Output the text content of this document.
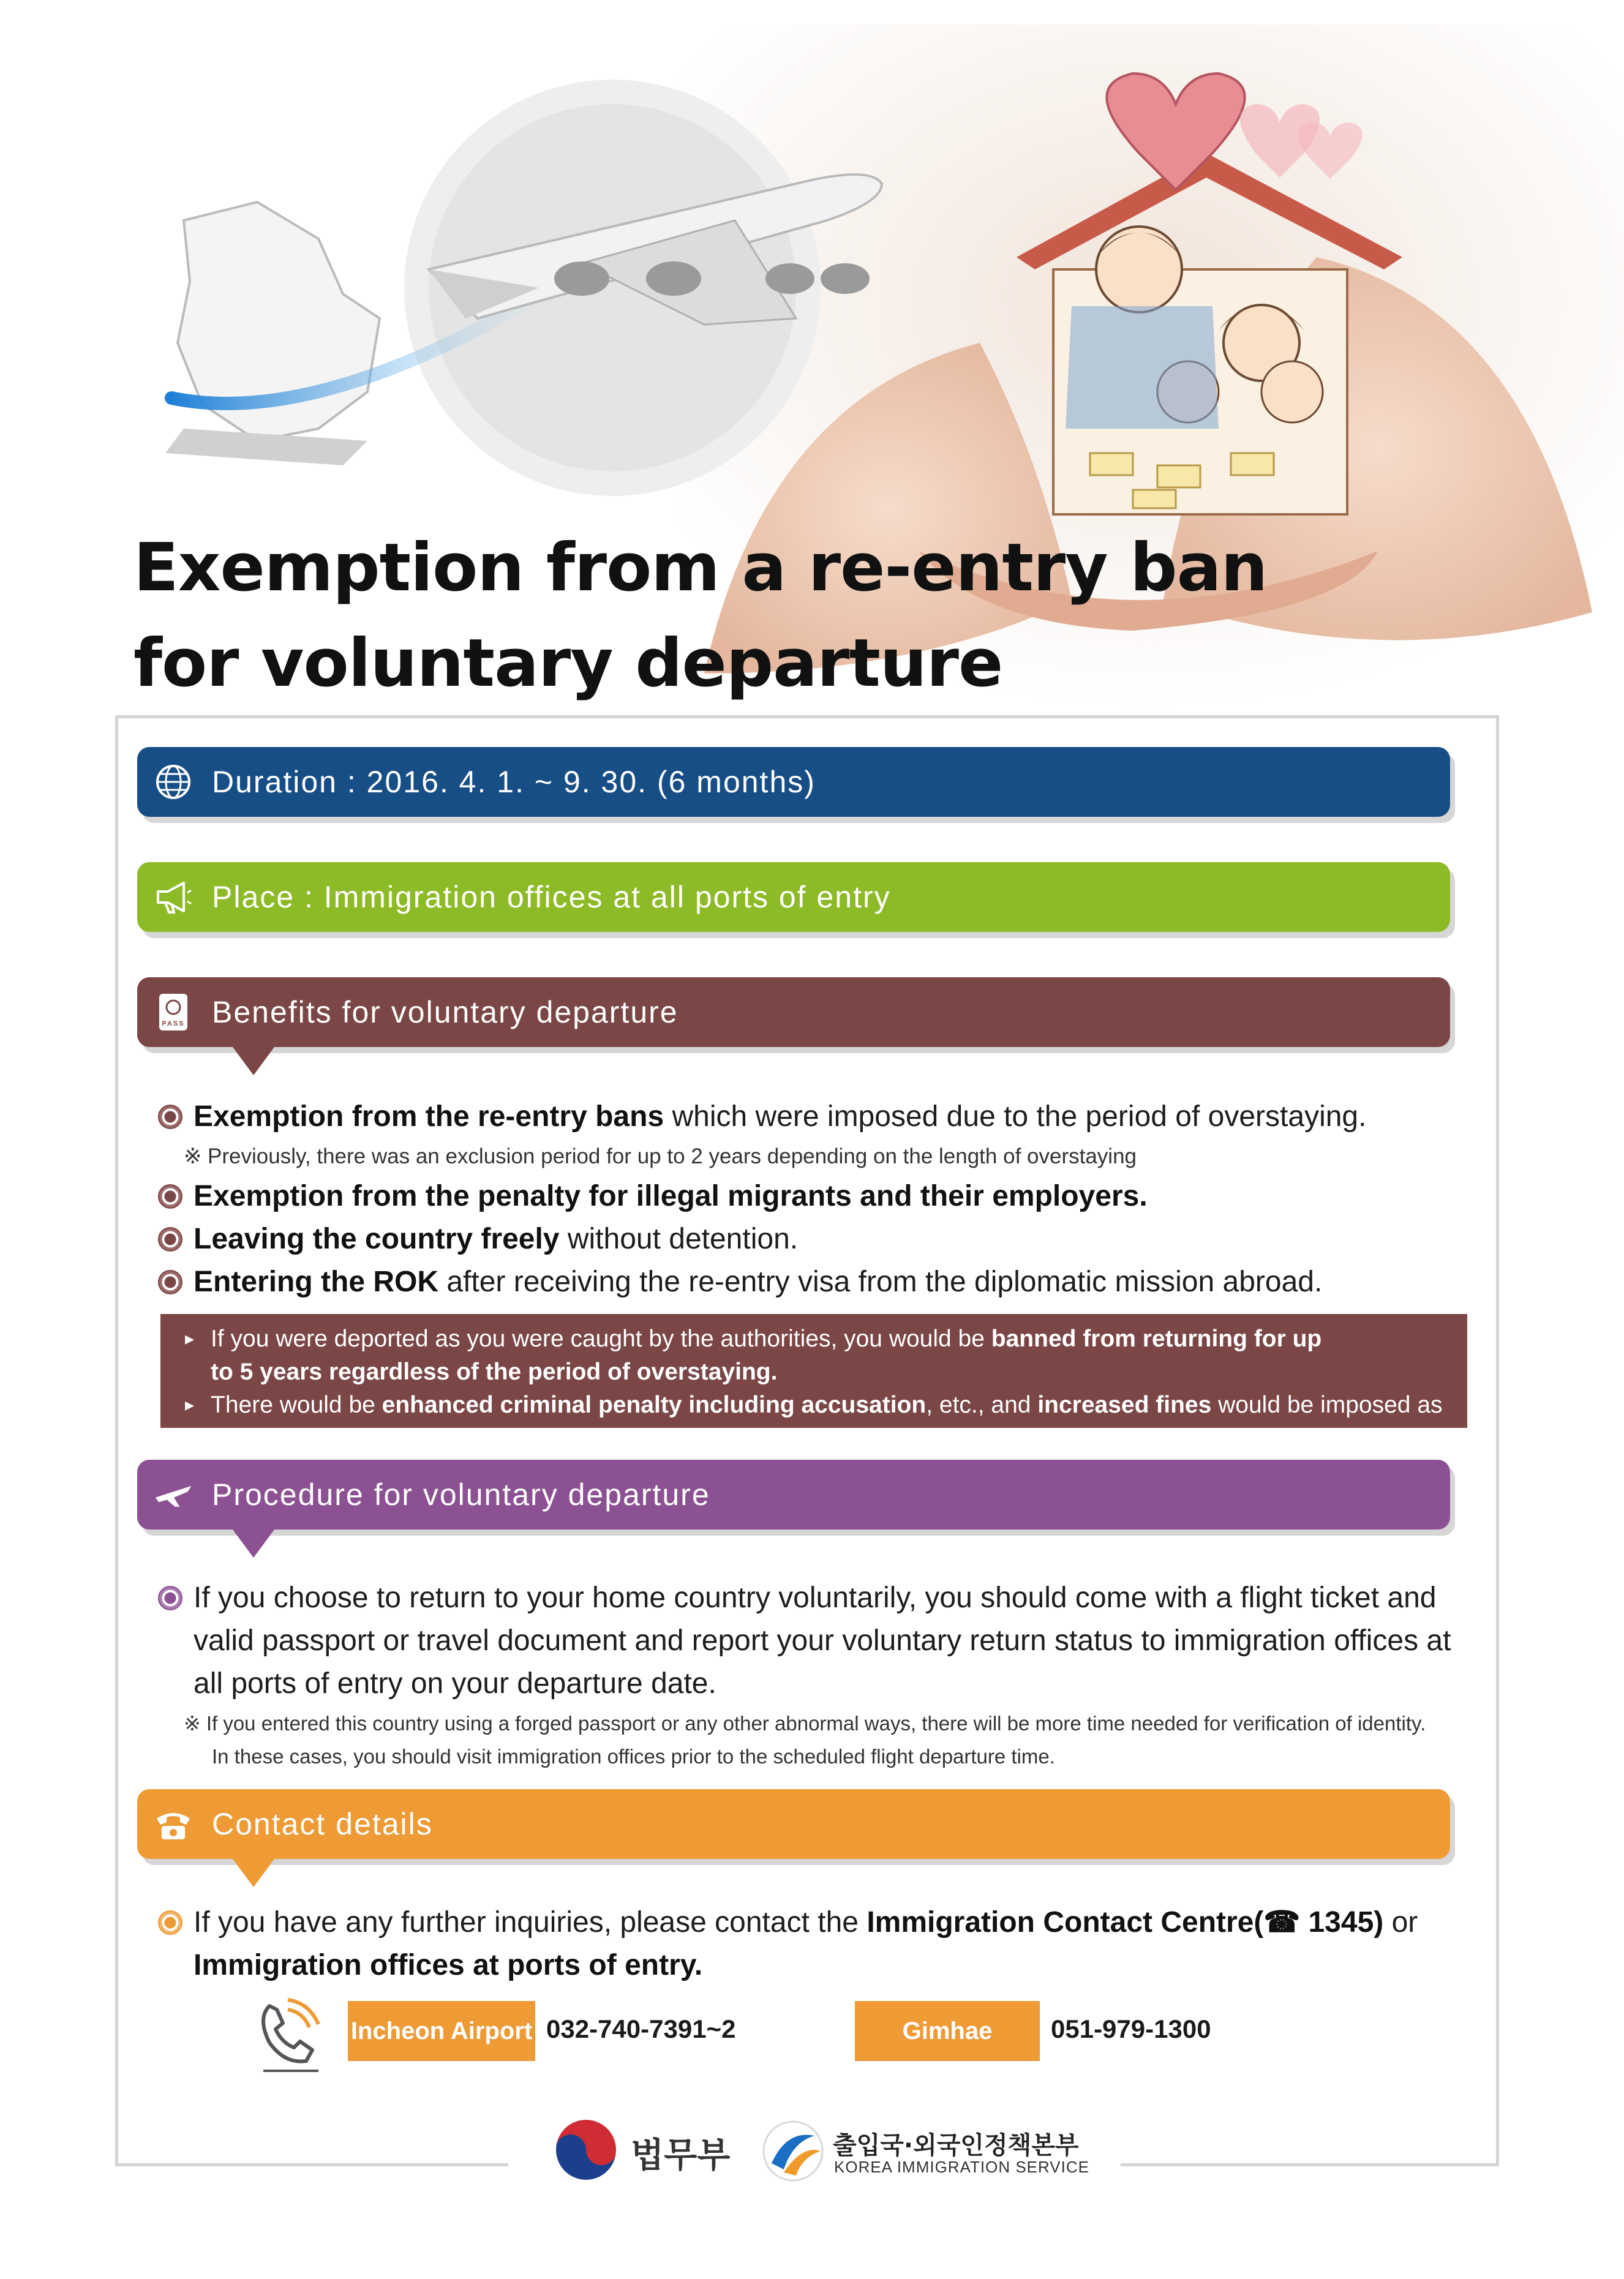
Exemption from a re-entry ban
for voluntary departure
Duration : 2016. 4. 1. ~ 9. 30. (6 months)
Place : Immigration offices at all ports of entry
PASS Benefits for voluntary departure
Exemption from the re-entry bans which were imposed due to the period of overstaying.
※ Previously, there was an exclusion period for up to 2 years depending on the length of overstaying
Exemption from the penalty for illegal migrants and their employers.
Leaving the country freely without detention.
Entering the ROK after receiving the re-entry visa from the diplomatic mission abroad.
▸ If you were deported as you were caught by the authorities, you would be banned from returning for up
to 5 years regardless of the period of overstaying.
▸ There would be enhanced criminal penalty including accusation, etc., and increased fines would be imposed as well.
Procedure for voluntary departure
If you choose to return to your home country voluntarily, you should come with a flight ticket and
valid passport or travel document and report your voluntary return status to immigration offices at
all ports of entry on your departure date.
※ If you entered this country using a forged passport or any other abnormal ways, there will be more time needed for verification of identity.
In these cases, you should visit immigration offices prior to the scheduled flight departure time.
Contact details
If you have any further inquiries, please contact the Immigration Contact Centre(☎ 1345) or
Immigration offices at ports of entry.
Incheon Airport 032-740-7391~2	Gimhae	051-979-1300
법무부	출입국·외국인정책본부
KOREA IMMIGRATION SERVICE
